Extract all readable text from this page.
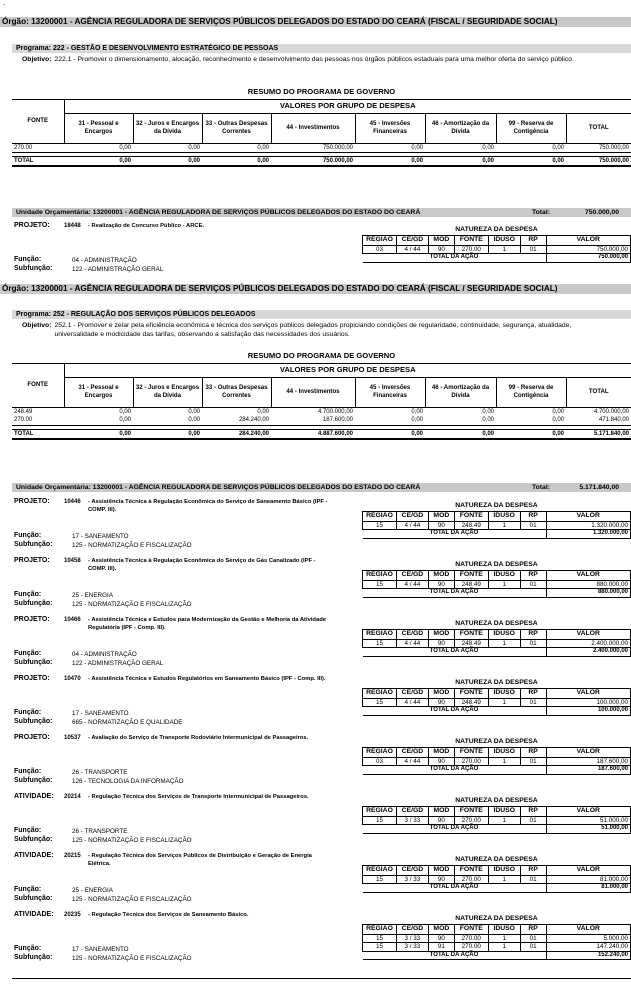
-
Órgão: 13200001 - AGÊNCIA REGULADORA DE SERVIÇOS PÚBLICOS DELEGADOS DO ESTADO DO CEARÁ (FISCAL / SEGURIDADE SOCIAL)
Programa: 222 - GESTÃO E DESENVOLVIMENTO ESTRATÉGICO DE PESSOAS
Objetivo: 222.1 - Promover o dimensionamento, alocação, reconhecimento e desenvolvimento das pessoas nos órgãos públicos estaduais para uma melhor oferta do serviço público.
RESUMO DO PROGRAMA DE GOVERNO								
FONTE	VALORES POR GRUPO DE DESPESA							
	31 - Pessoal e Encargos	32 - Juros e Encargos da Dívida	33 - Outras Despesas Correntes	44 - Investimentos	45 - Inversões Financeiras	46 - Amortização da Dívida	99 - Reserva de Contigência	TOTAL
270.00	0,00	0,00	0,00	750.000,00	0,00	0,00	0,00	750.000,00

TOTAL	0,00	0,00	0,00	750.000,00	0,00	0,00	0,00	750.000,00
Unidade Orçamentária: 13200001 - AGÊNCIA REGULADORA DE SERVIÇOS PÚBLICOS DELEGADOS DO ESTADO DO CEARÁ	Total:	750.000,00
PROJETO: 18448 - Realização de Concurso Público - ARCE.
Função:	04 - ADMINISTRAÇÃO
Subfunção:	122 - ADMINISTRAÇÃO GERAL
NATUREZA DA DESPESA						
REGIÃO	CE/GD	MOD	FONTE	IDUSO	RP	VALOR
03	4 / 44	90	270.00	1	01	750.000,00
TOTAL DA AÇÃO						750.000,00
Órgão: 13200001 - AGÊNCIA REGULADORA DE SERVIÇOS PÚBLICOS DELEGADOS DO ESTADO DO CEARÁ (FISCAL / SEGURIDADE SOCIAL)
Programa: 252 - REGULAÇÃO DOS SERVIÇOS PÚBLICOS DELEGADOS
Objetivo: 252.1 - Promover e zelar pela eficiência econômica e técnica dos serviços públicos delegados propiciando condições de regularidade, continuidade, segurança, atualidade, universalidade e modicidade das tarifas, observando a satisfação das necessidades dos usuários.
RESUMO DO PROGRAMA DE GOVERNO								
FONTE	VALORES POR GRUPO DE DESPESA							
	31 - Pessoal e Encargos	32 - Juros e Encargos da Dívida	33 - Outras Despesas Correntes	44 - Investimentos	45 - Inversões Financeiras	46 - Amortização da Dívida	99 - Reserva de Contigência	TOTAL
248.49	0,00	0,00	0,00	4.700.000,00	0,00	0,00	0,00	4.700.000,00
270.00	0,00	0,00	284.240,00	187.600,00	0,00	0,00	0,00	471.840,00

TOTAL	0,00	0,00	284.240,00	4.887.600,00	0,00	0,00	0,00	5.171.840,00
Unidade Orçamentária: 13200001 - AGÊNCIA REGULADORA DE SERVIÇOS PÚBLICOS DELEGADOS DO ESTADO DO CEARÁ	Total:	5.171.840,00
PROJETO: 10446 - Assistência Técnica à Regulação Econômica do Serviço de Saneamento Básico (IPF - COMP. III).
Função:	17 - SANEAMENTO
Subfunção:	125 - NORMATIZAÇÃO E FISCALIZAÇÃO
NATUREZA DA DESPESA						
REGIÃO	CE/GD	MOD	FONTE	IDUSO	RP	VALOR
15	4 / 44	90	248.49	1	01	1.320.000,00
TOTAL DA AÇÃO						1.320.000,00
PROJETO: 10458 - Assistência Técnica à Regulação Econômica do Serviço de Gás Canalizado (IPF - COMP. III).
Função:	25 - ENERGIA
Subfunção:	125 - NORMATIZAÇÃO E FISCALIZAÇÃO
NATUREZA DA DESPESA						
REGIÃO	CE/GD	MOD	FONTE	IDUSO	RP	VALOR
15	4 / 44	90	248.49	1	01	880.000,00
TOTAL DA AÇÃO						880.000,00
PROJETO: 10466 - Assistência Técnica e Estudos para Modernização da Gestão e Melhoria da Atividade Regulatória (IPF - Comp. III).
Função:	04 - ADMINISTRAÇÃO
Subfunção:	122 - ADMINISTRAÇÃO GERAL
NATUREZA DA DESPESA						
REGIÃO	CE/GD	MOD	FONTE	IDUSO	RP	VALOR
15	4 / 44	90	248.49	1	01	2.400.000,00
TOTAL DA AÇÃO						2.400.000,00
PROJETO: 10470 - Assistência Técnica e Estudos Regulatórios em Saneamento Básico (IPF - Comp. III).
Função:	17 - SANEAMENTO
Subfunção:	665 - NORMATIZAÇÃO E QUALIDADE
NATUREZA DA DESPESA						
REGIÃO	CE/GD	MOD	FONTE	IDUSO	RP	VALOR
15	4 / 44	90	248.49	1	01	100.000,00
TOTAL DA AÇÃO						100.000,00
PROJETO: 10537 - Avaliação do Serviço de Transporte Rodoviário Intermunicipal de Passageiros.
Função:	26 - TRANSPORTE
Subfunção:	126 - TECNOLOGIA DA INFORMAÇÃO
NATUREZA DA DESPESA						
REGIÃO	CE/GD	MOD	FONTE	IDUSO	RP	VALOR
03	4 / 44	90	270.00	1	01	187.600,00
TOTAL DA AÇÃO						187.600,00
ATIVIDADE: 20214 - Regulação Técnica dos Serviços de Transporte Intermunicipal de Passageiros.
Função:	26 - TRANSPORTE
Subfunção:	125 - NORMATIZAÇÃO E FISCALIZAÇÃO
NATUREZA DA DESPESA						
REGIÃO	CE/GD	MOD	FONTE	IDUSO	RP	VALOR
15	3 / 33	90	270.00	1	01	51.000,00
TOTAL DA AÇÃO						51.000,00
ATIVIDADE: 20215 - Regulação Técnica dos Serviços Públicos de Distribuição e Geração de Energia Elétrica.
Função:	25 - ENERGIA
Subfunção:	125 - NORMATIZAÇÃO E FISCALIZAÇÃO
NATUREZA DA DESPESA						
REGIÃO	CE/GD	MOD	FONTE	IDUSO	RP	VALOR
15	3 / 33	90	270.00	1	01	81.000,00
TOTAL DA AÇÃO						81.000,00
ATIVIDADE: 20235 - Regulação Técnica dos Serviços de Saneamento Básico.
Função:	17 - SANEAMENTO
Subfunção:	125 - NORMATIZAÇÃO E FISCALIZAÇÃO
NATUREZA DA DESPESA						
REGIÃO	CE/GD	MOD	FONTE	IDUSO	RP	VALOR
15	3 / 33	90	270.00	1	01	5.000,00
15	3 / 33	91	270.00	1	01	147.240,00
TOTAL DA AÇÃO						152.240,00
